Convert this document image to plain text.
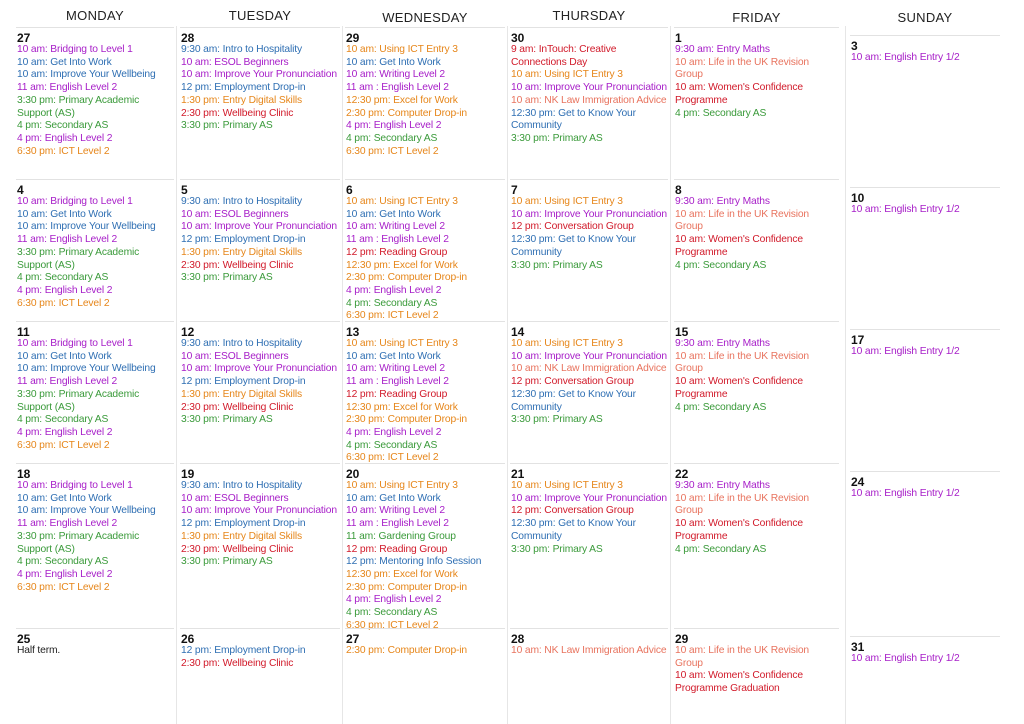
MONDAY
27
10 am: Bridging to Level 1
10 am: Get Into Work
10 am: Improve Your Wellbeing
11 am: English Level 2
3:30 pm: Primary Academic Support (AS)
4 pm: Secondary AS
4 pm: English Level 2
6:30 pm: ICT Level 2
4
10 am: Bridging to Level 1
10 am: Get Into Work
10 am: Improve Your Wellbeing
11 am: English Level 2
3:30 pm: Primary Academic Support (AS)
4 pm: Secondary AS
4 pm: English Level 2
6:30 pm: ICT Level 2
11
10 am: Bridging to Level 1
10 am: Get Into Work
10 am: Improve Your Wellbeing
11 am: English Level 2
3:30 pm: Primary Academic Support (AS)
4 pm: Secondary AS
4 pm: English Level 2
6:30 pm: ICT Level 2
18
10 am: Bridging to Level 1
10 am: Get Into Work
10 am: Improve Your Wellbeing
11 am: English Level 2
3:30 pm: Primary Academic Support (AS)
4 pm: Secondary AS
4 pm: English Level 2
6:30 pm: ICT Level 2
25
Half term.
TUESDAY
28
9:30 am: Intro to Hospitality
10 am: ESOL Beginners
10 am: Improve Your Pronunciation
12 pm: Employment Drop-in
1:30 pm: Entry Digital Skills
2:30 pm: Wellbeing Clinic
3:30 pm: Primary AS
5
9:30 am: Intro to Hospitality
10 am: ESOL Beginners
10 am: Improve Your Pronunciation
12 pm: Employment Drop-in
1:30 pm: Entry Digital Skills
2:30 pm: Wellbeing Clinic
3:30 pm: Primary AS
12
9:30 am: Intro to Hospitality
10 am: ESOL Beginners
10 am: Improve Your Pronunciation
12 pm: Employment Drop-in
1:30 pm: Entry Digital Skills
2:30 pm: Wellbeing Clinic
3:30 pm: Primary AS
19
9:30 am: Intro to Hospitality
10 am: ESOL Beginners
10 am: Improve Your Pronunciation
12 pm: Employment Drop-in
1:30 pm: Entry Digital Skills
2:30 pm: Wellbeing Clinic
3:30 pm: Primary AS
26
12 pm: Employment Drop-in
2:30 pm: Wellbeing Clinic
WEDNESDAY
29
10 am: Using ICT Entry 3
10 am: Get Into Work
10 am: Writing Level 2
11 am : English Level 2
12:30 pm: Excel for Work
2:30 pm: Computer Drop-in
4 pm: English Level 2
4 pm: Secondary AS
6:30 pm: ICT Level 2
6
10 am: Using ICT Entry 3
10 am: Get Into Work
10 am: Writing Level 2
11 am : English Level 2
12 pm: Reading Group
12:30 pm: Excel for Work
2:30 pm: Computer Drop-in
4 pm: English Level 2
4 pm: Secondary AS
6:30 pm: ICT Level 2
13
10 am: Using ICT Entry 3
10 am: Get Into Work
10 am: Writing Level 2
11 am : English Level 2
12 pm: Reading Group
12:30 pm: Excel for Work
2:30 pm: Computer Drop-in
4 pm: English Level 2
4 pm: Secondary AS
6:30 pm: ICT Level 2
20
10 am: Using ICT Entry 3
10 am: Get Into Work
10 am: Writing Level 2
11 am : English Level 2
11 am: Gardening Group
12 pm: Reading Group
12 pm: Mentoring Info Session
12:30 pm: Excel for Work
2:30 pm: Computer Drop-in
4 pm: English Level 2
4 pm: Secondary AS
6:30 pm: ICT Level 2
27
2:30 pm: Computer Drop-in
THURSDAY
30
9 am: InTouch: Creative Connections Day
10 am: Using ICT Entry 3
10 am: Improve Your Pronunciation
10 am: NK Law Immigration Advice
12:30 pm: Get to Know Your Community
3:30 pm: Primary AS
7
10 am: Using ICT Entry 3
10 am: Improve Your Pronunciation
12 pm: Conversation Group
12:30 pm: Get to Know Your Community
3:30 pm: Primary AS
14
10 am: Using ICT Entry 3
10 am: Improve Your Pronunciation
10 am: NK Law Immigration Advice
12 pm: Conversation Group
12:30 pm: Get to Know Your Community
3:30 pm: Primary AS
21
10 am: Using ICT Entry 3
10 am: Improve Your Pronunciation
12 pm: Conversation Group
12:30 pm: Get to Know Your Community
3:30 pm: Primary AS
28
10 am: NK Law Immigration Advice
FRIDAY
1
9:30 am: Entry Maths
10 am: Life in the UK Revision Group
10 am: Women's Confidence Programme
4 pm: Secondary AS
8
9:30 am: Entry Maths
10 am: Life in the UK Revision Group
10 am: Women's Confidence Programme
4 pm: Secondary AS
15
9:30 am: Entry Maths
10 am: Life in the UK Revision Group
10 am: Women's Confidence Programme
4 pm: Secondary AS
22
9:30 am: Entry Maths
10 am: Life in the UK Revision Group
10 am: Women's Confidence Programme
4 pm: Secondary AS
29
10 am: Life in the UK Revision Group
10 am: Women's Confidence Programme Graduation
SUNDAY
3
10 am: English Entry 1/2
10
10 am: English Entry 1/2
17
10 am: English Entry 1/2
24
10 am: English Entry 1/2
31
10 am: English Entry 1/2
